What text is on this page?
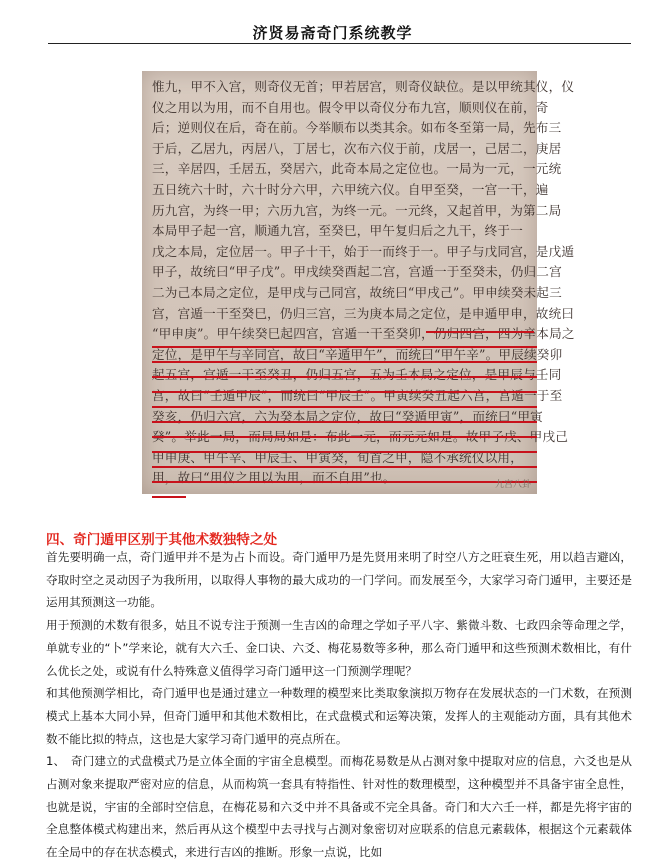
济贤易斋奇门系统教学
惟九，甲不入宫，则奇仪无首；甲若居宫，则奇仪缺位。是以甲统其仪，仪
仪之用以为用，而不自用也。假令甲以奇仪分布九宫，顺则仪在前，奇
后；逆则仪在后，奇在前。今举顺布以类其余。如布冬至第一局，先布三
于后，乙居九，丙居八，丁居七，次布六仪于前，戊居一，己居二，庚居
三，辛居四，壬居五，癸居六，此奇本局之定位也。一局为一元，一元统
五日统六十时，六十时分六甲，六甲统六仪。自甲至癸，一宫一干，遍
历九宫，为终一甲；六历九宫，为终一元。一元终，又起首甲，为第二局
本局甲子起一宫，顺通九宫，至癸巳，甲午复归后之九干，终于一
戊之本局，定位居一。甲子十干，始于一而终于一。甲子与戊同宫，是戊遁
甲子，故统曰“甲子戊”。甲戌续癸酉起二宫，宫遁一于至癸未，仍归二宫
二为己本局之定位，是甲戌与己同宫，故统曰“甲戌己”。甲申续癸未起三
宫，宫遁一干至癸巳，仍归三宫，三为庚本局之定位，是申遁甲申，故统曰
“甲申庚”。甲午续癸巳起四宫，宫遁一干至癸卯，仍归四宫，四为辛本局之
定位，是甲午与辛同宫，故曰“辛遁甲午”，而统曰“甲午辛”。甲辰续癸卯
起五宫，宫遁一干至癸丑，仍归五宫，五为壬本局之定位，是甲辰与壬同
宫，故曰“壬遁甲辰”，而统曰“甲辰壬”。甲寅续癸丑起六宫，宫遁一于至
癸亥，仍归六宫，六为癸本局之定位，故曰“癸遁甲寅”，而统曰“甲寅
癸”。举此一局，而局局如是：布此一元，而元元如是。故甲子戊、甲戌己
甲申庚、甲午辛、甲辰壬、甲寅癸，旬首之甲，隐不承统仪以用，
用，故曰“用仪之用以为用，而不自用”也。	九宫八卦
四、奇门遁甲区别于其他术数独特之处

首先要明确一点，奇门遁甲并不是为占卜而设。奇门遁甲乃是先贤用来明了时空八方之旺衰生死，用以趋吉避凶，夺取时空之灵动因子为我所用，以取得人事物的最大成功的一门学问。而发展至今，大家学习奇门遁甲，主要还是运用其预测这一功能。

用于预测的术数有很多，姑且不说专注于预测一生吉凶的命理之学如子平八字、紫微斗数、七政四余等命理之学，单就专业的“卜”学来论，就有大六壬、金口诀、六爻、梅花易数等多种，那么奇门遁甲和这些预测术数相比，有什么优长之处，或说有什么特殊意义值得学习奇门遁甲这一门预测学理呢？

和其他预测学相比，奇门遁甲也是通过建立一种数理的模型来比类取象演拟万物存在发展状态的一门术数，在预测模式上基本大同小异，但奇门遁甲和其他术数相比，在式盘模式和运筹决策，发挥人的主观能动方面，具有其他术数不能比拟的特点，这也是大家学习奇门遁甲的亮点所在。

1、　奇门建立的式盘模式乃是立体全面的宇宙全息模型。而梅花易数是从占测对象中提取对应的信息，六爻也是从占测对象来提取严密对应的信息，从而构筑一套具有特指性、针对性的数理模型，这种模型并不具备宇宙全息性，也就是说，宇宙的全部时空信息，在梅花易和六爻中并不具备或不完全具备。奇门和大六壬一样，都是先将宇宙的全息整体模式构建出来，然后再从这个模型中去寻找与占测对象密切对应联系的信息元素载体，根据这个元素载体在全局中的存在状态模式，来进行吉凶的推断。形象一点说，比如
